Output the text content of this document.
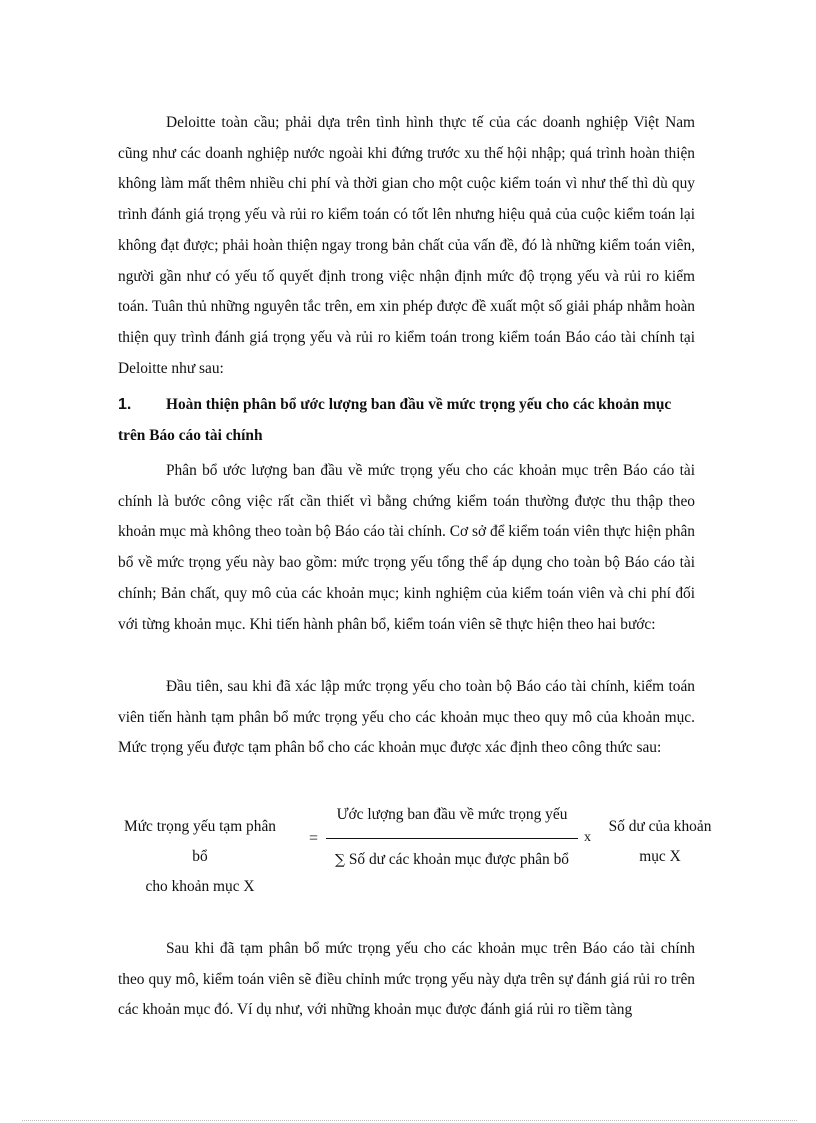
Deloitte toàn cầu; phải dựa trên tình hình thực tế của các doanh nghiệp Việt Nam cũng như các doanh nghiệp nước ngoài khi đứng trước xu thế hội nhập; quá trình hoàn thiện không làm mất thêm nhiều chi phí và thời gian cho một cuộc kiểm toán vì như thế thì dù quy trình đánh giá trọng yếu và rủi ro kiểm toán có tốt lên nhưng hiệu quả của cuộc kiểm toán lại không đạt được; phải hoàn thiện ngay trong bản chất của vấn đề, đó là những kiểm toán viên, người gần như có yếu tố quyết định trong việc nhận định mức độ trọng yếu và rủi ro kiểm toán. Tuân thủ những nguyên tắc trên, em xin phép được đề xuất một số giải pháp nhằm hoàn thiện quy trình đánh giá trọng yếu và rủi ro kiểm toán trong kiểm toán Báo cáo tài chính tại Deloitte như sau:

1. Hoàn thiện phân bổ ước lượng ban đầu về mức trọng yếu cho các khoản mục
trên Báo cáo tài chính

Phân bổ ước lượng ban đầu về mức trọng yếu cho các khoản mục trên Báo cáo tài chính là bước công việc rất cần thiết vì bằng chứng kiểm toán thường được thu thập theo khoản mục mà không theo toàn bộ Báo cáo tài chính. Cơ sở để kiểm toán viên thực hiện phân bổ về mức trọng yếu này bao gồm: mức trọng yếu tổng thể áp dụng cho toàn bộ Báo cáo tài chính; Bản chất, quy mô của các khoản mục; kinh nghiệm của kiểm toán viên và chi phí đối với từng khoản mục. Khi tiến hành phân bổ, kiểm toán viên sẽ thực hiện theo hai bước:

Đầu tiên, sau khi đã xác lập mức trọng yếu cho toàn bộ Báo cáo tài chính, kiểm toán viên tiến hành tạm phân bổ mức trọng yếu cho các khoản mục theo quy mô của khoản mục. Mức trọng yếu được tạm phân bổ cho các khoản mục được xác định theo công thức sau:

Mức trọng yếu tạm phân bổ
cho khoản mục X
=
Ước lượng ban đầu về mức trọng yếu
∑ Số dư các khoản mục được phân bổ
x
Số dư của khoản
mục X

Sau khi đã tạm phân bổ mức trọng yếu cho các khoản mục trên Báo cáo tài chính theo quy mô, kiểm toán viên sẽ điều chỉnh mức trọng yếu này dựa trên sự đánh giá rủi ro trên các khoản mục đó. Ví dụ như, với những khoản mục được đánh giá rủi ro tiềm tàng
